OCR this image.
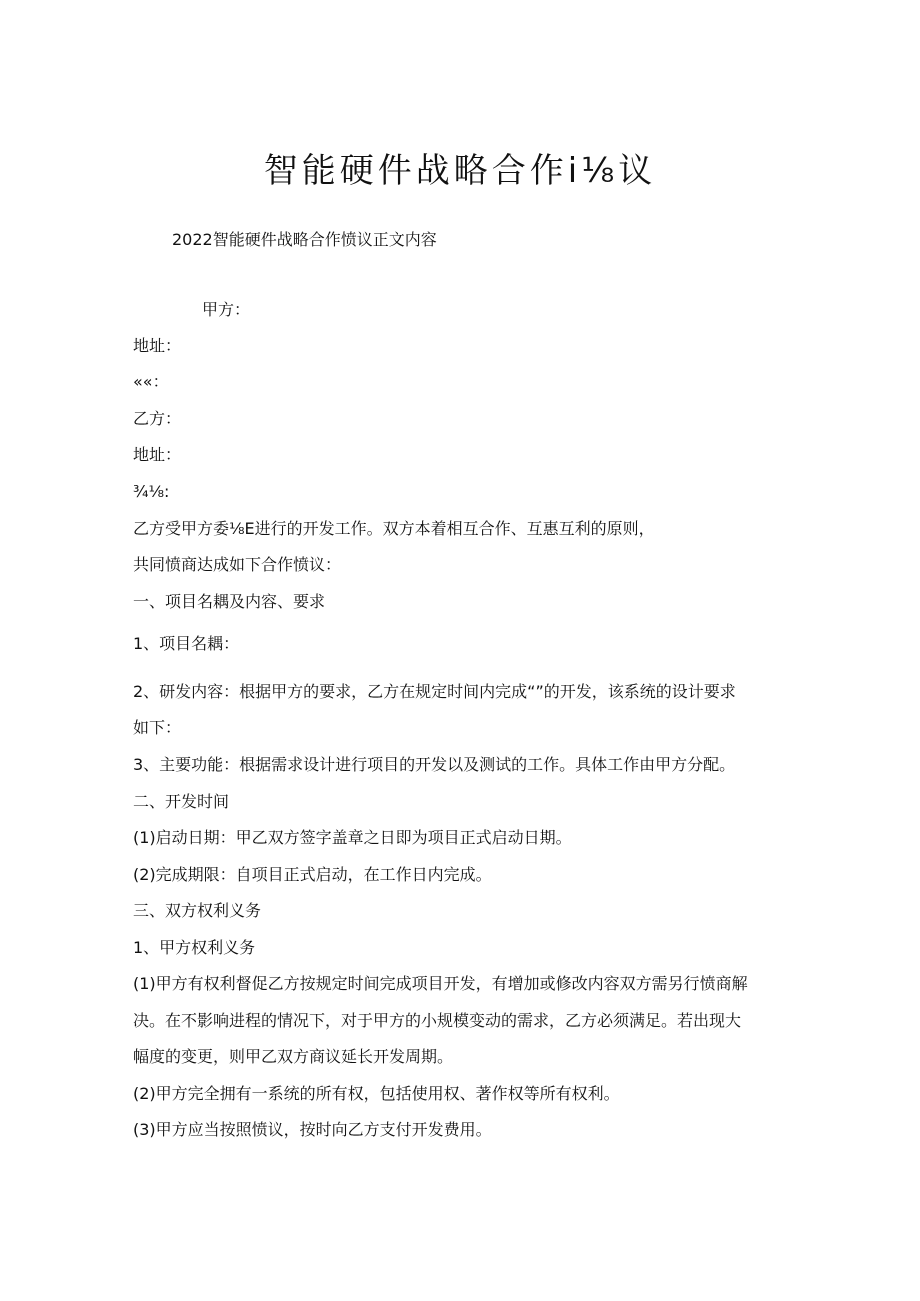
智能硬件战略合作i⅛议

2022智能硬件战略合作愤议正文内容

甲方：

地址：

««：

乙方：

地址：

¾⅛:

乙方受甲方委⅛E进行的开发工作。双方本着相互合作、互惠互利的原则，

共同愤商达成如下合作愤议：

一、项目名耦及内容、要求

1、项目名耦：

2、研发内容：根据甲方的要求，乙方在规定时间内完成“”的开发，该系统的设计要求

如下：

3、主要功能：根据需求设计进行项目的开发以及测试的工作。具体工作由甲方分配。

二、开发时间

(1)启动日期：甲乙双方签字盖章之日即为项目正式启动日期。

(2)完成期限：自项目正式启动，在工作日内完成。

三、双方权利义务

1、甲方权利义务

(1)甲方有权利督促乙方按规定时间完成项目开发，有增加或修改内容双方需另行愤商解

决。在不影响进程的情况下，对于甲方的小规模变动的需求，乙方必须满足。若出现大

幅度的变更，则甲乙双方商议延长开发周期。

(2)甲方完全拥有一系统的所有权，包括使用权、著作权等所有权利。

(3)甲方应当按照愤议，按时向乙方支付开发费用。
